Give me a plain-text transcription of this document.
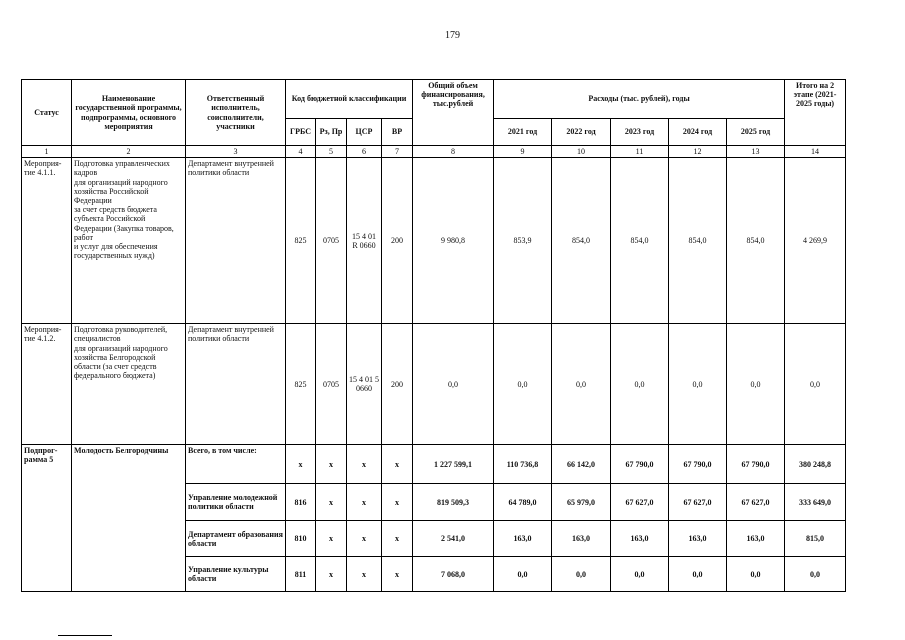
179
Статус	Наименование государственной программы, подпрограммы, основного мероприятия	Ответственный исполнитель, соисполнители, участники	Код бюджетной классификации				Общий объем финансирования, тыс.рублей	Расходы (тыс. рублей), годы					Итого на 2 этапе (2021-2025 годы)
			ГРБС	Рз, Пр	ЦСР	ВР		2021 год	2022 год	2023 год	2024 год	2025 год	
1	2	3	4	5	6	7	8	9	10	11	12	13	14
Мероприя-тие 4.1.1.	Подготовка управленческих кадров
для организаций народного хозяйства Российской Федерации
за счет средств бюджета субъекта Российской Федерации (Закупка товаров, работ
и услуг для обеспечения государственных нужд)	Департамент внутренней политики области	825	0705	15 4 01 R 0660	200	9 980,8	853,9	854,0	854,0	854,0	854,0	4 269,9
Мероприя-тие 4.1.2.	Подготовка руководителей, специалистов
для организаций народного хозяйства Белгородской области (за счет средств федерального бюджета)	Департамент внутренней политики области	825	0705	15 4 01 5 0660	200	0,0	0,0	0,0	0,0	0,0	0,0	0,0
Подпрог-рамма 5	Молодость Белгородчины	Всего, в том числе:	x	x	x	x	1 227 599,1	110 736,8	66 142,0	67 790,0	67 790,0	67 790,0	380 248,8
		Управление молодежной политики области	816	x	x	x	819 509,3	64 789,0	65 979,0	67 627,0	67 627,0	67 627,0	333 649,0
		Департамент образования области	810	x	x	x	2 541,0	163,0	163,0	163,0	163,0	163,0	815,0
		Управление культуры области	811	x	x	x	7 068,0	0,0	0,0	0,0	0,0	0,0	0,0
